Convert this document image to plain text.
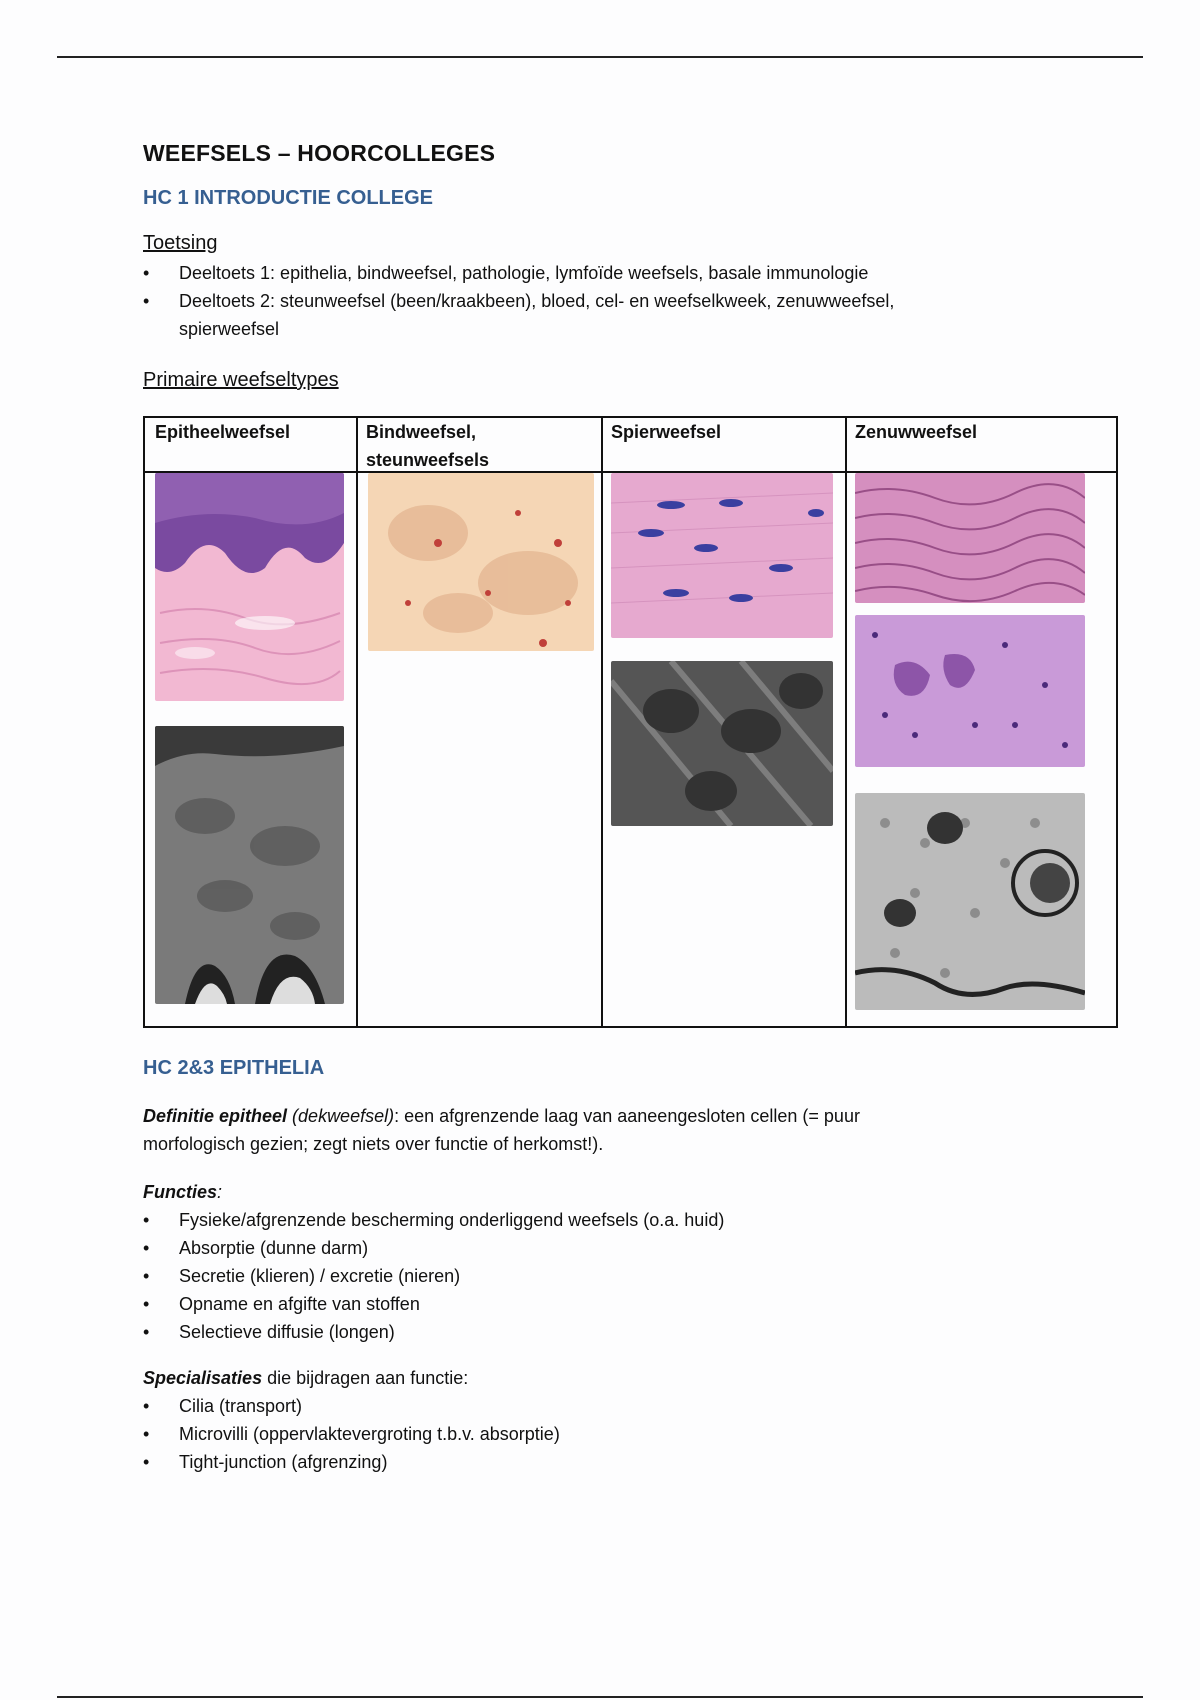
WEEFSELS – HOORCOLLEGES
HC 1 INTRODUCTIE COLLEGE
Toetsing
• Deeltoets 1: epithelia, bindweefsel, pathologie, lymfoïde weefsels, basale immunologie
• Deeltoets 2: steunweefsel (been/kraakbeen), bloed, cel- en weefselkweek, zenuwweefsel, spierweefsel
Primaire weefseltypes
Epitheelweefsel	Bindweefsel, steunweefsels
Spierweefsel	Zenuwweefsel
HC 2&3 EPITHELIA

Definitie epitheel (dekweefsel): een afgrenzende laag van aaneengesloten cellen (= puur morfologisch gezien; zegt niets over functie of herkomst!).

Functies:

• Fysieke/afgrenzende bescherming onderliggend weefsels (o.a. huid)
• Absorptie (dunne darm)
• Secretie (klieren) / excretie (nieren)
• Opname en afgifte van stoffen
• Selectieve diffusie (longen)

Specialisaties die bijdragen aan functie:

• Cilia (transport)
• Microvilli (oppervlaktevergroting t.b.v. absorptie)
• Tight-junction (afgrenzing)
